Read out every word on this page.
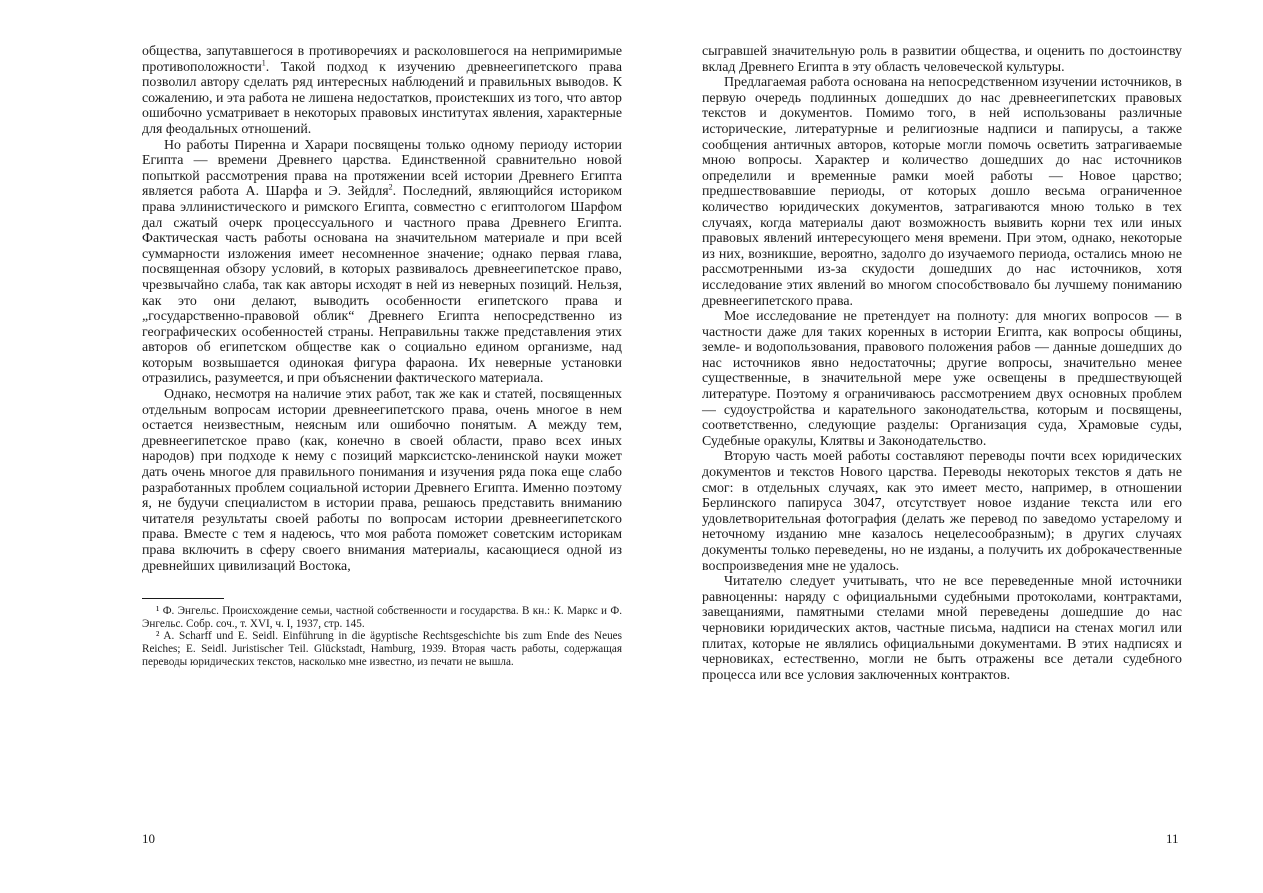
общества, запутавшегося в противоречиях и расколовшегося на непримиримые противоположности$^1$. Такой подход к изучению древнеегипетского права позволил автору сделать ряд интересных наблюдений и правильных выводов. К сожалению, и эта работа не лишена недостатков, проистекших из того, что автор ошибочно усматривает в некоторых правовых институтах явления, характерные для феодальных отношений.

Но работы Пиренна и Харари посвящены только одному периоду истории Египта — времени Древнего царства. Единственной сравнительно новой попыткой рассмотрения права на протяжении всей истории Древнего Египта является работа А. Шарфа и Э. Зейдля$^2$. Последний, являющийся историком права эллинистического и римского Египта, совместно с египтологом Шарфом дал сжатый очерк процессуального и частного права Древнего Египта. Фактическая часть работы основана на значительном материале и при всей суммарности изложения имеет несомненное значение; однако первая глава, посвященная обзору условий, в которых развивалось древнеегипетское право, чрезвычайно слаба, так как авторы исходят в ней из неверных позиций. Нельзя, как это они делают, выводить особенности египетского права и „государственно-правовой облик“ Древнего Египта непосредственно из географических особенностей страны. Неправильны также представления этих авторов об египетском обществе как о социально едином организме, над которым возвышается одинокая фигура фараона. Их неверные установки отразились, разумеется, и при объяснении фактического материала.

Однако, несмотря на наличие этих работ, так же как и статей, посвященных отдельным вопросам истории древнеегипетского права, очень многое в нем остается неизвестным, неясным или ошибочно понятым. А между тем, древнеегипетское право (как, конечно в своей области, право всех иных народов) при подходе к нему с позиций марксистско-ленинской науки может дать очень многое для правильного понимания и изучения ряда пока еще слабо разработанных проблем социальной истории Древнего Египта. Именно поэтому я, не будучи специалистом в истории права, решаюсь представить вниманию читателя результаты своей работы по вопросам истории древнеегипетского права. Вместе с тем я надеюсь, что моя работа поможет советским историкам права включить в сферу своего внимания материалы, касающиеся одной из древнейших цивилизаций Востока,

¹ Ф. Энгельс. Происхождение семьи, частной собственности и государства. В кн.: К. Маркс и Ф. Энгельс. Собр. соч., т. XVI, ч. I, 1937, стр. 145.

² A. Scharff und E. Seidl. Einführung in die ägyptische Rechtsgeschichte bis zum Ende des Neues Reiches; E. Seidl. Juristischer Teil. Glückstadt, Hamburg, 1939. Вторая часть работы, содержащая переводы юридических текстов, насколько мне известно, из печати не вышла.

10

сыгравшей значительную роль в развитии общества, и оценить по достоинству вклад Древнего Египта в эту область человеческой культуры.

Предлагаемая работа основана на непосредственном изучении источников, в первую очередь подлинных дошедших до нас древнеегипетских правовых текстов и документов. Помимо того, в ней использованы различные исторические, литературные и религиозные надписи и папирусы, а также сообщения античных авторов, которые могли помочь осветить затрагиваемые мною вопросы. Характер и количество дошедших до нас источников определили и временные рамки моей работы — Новое царство; предшествовавшие периоды, от которых дошло весьма ограниченное количество юридических документов, затрагиваются мною только в тех случаях, когда материалы дают возможность выявить корни тех или иных правовых явлений интересующего меня времени. При этом, однако, некоторые из них, возникшие, вероятно, задолго до изучаемого периода, остались мною не рассмотренными из-за скудости дошедших до нас источников, хотя исследование этих явлений во многом способствовало бы лучшему пониманию древнеегипетского права.

Мое исследование не претендует на полноту: для многих вопросов — в частности даже для таких коренных в истории Египта, как вопросы общины, земле- и водопользования, правового положения рабов — данные дошедших до нас источников явно недостаточны; другие вопросы, значительно менее существенные, в значительной мере уже освещены в предшествующей литературе. Поэтому я ограничиваюсь рассмотрением двух основных проблем — судоустройства и карательного законодательства, которым и посвящены, соответственно, следующие разделы: Организация суда, Храмовые суды, Судебные оракулы, Клятвы и Законодательство.

Вторую часть моей работы составляют переводы почти всех юридических документов и текстов Нового царства. Переводы некоторых текстов я дать не смог: в отдельных случаях, как это имеет место, например, в отношении Берлинского папируса 3047, отсутствует новое издание текста или его удовлетворительная фотография (делать же перевод по заведомо устарелому и неточному изданию мне казалось нецелесообразным); в других случаях документы только переведены, но не изданы, а получить их доброкачественные воспроизведения мне не удалось.

Читателю следует учитывать, что не все переведенные мной источники равноценны: наряду с официальными судебными протоколами, контрактами, завещаниями, памятными стелами мной переведены дошедшие до нас черновики юридических актов, частные письма, надписи на стенах могил или плитах, которые не являлись официальными документами. В этих надписях и черновиках, естественно, могли не быть отражены все детали судебного процесса или все условия заключенных контрактов.

11
